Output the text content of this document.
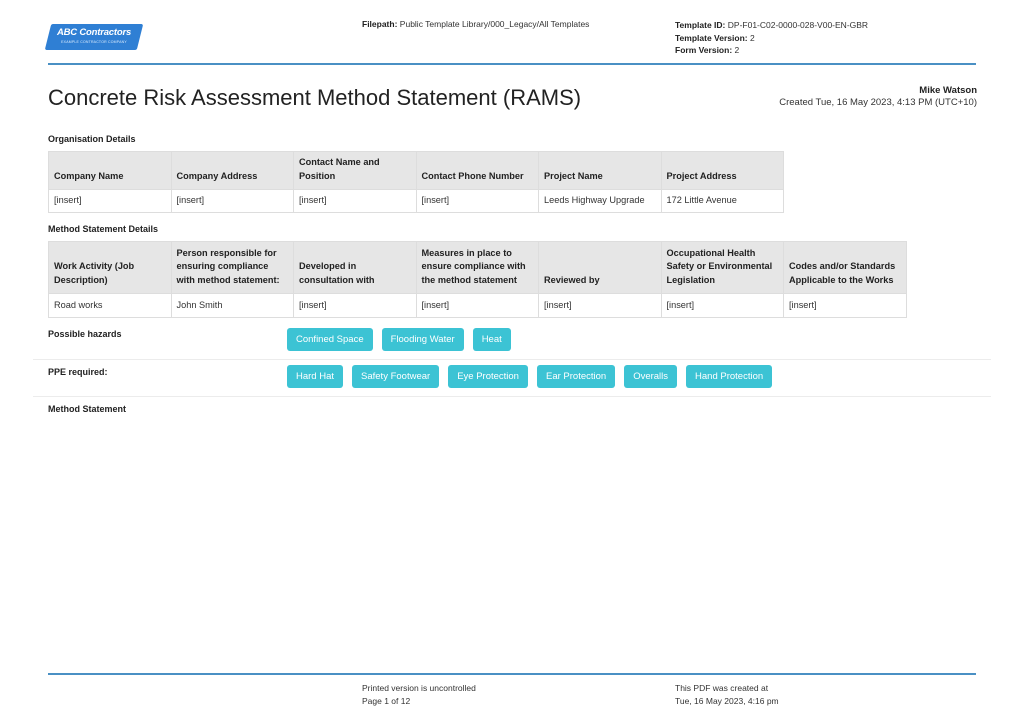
ABC Contractors
EXAMPLE CONTRACTOR COMPANY
Filepath: Public Template Library/000_Legacy/All Templates	Template ID: DP-F01-C02-0000-028-V00-EN-GBR
Template Version: 2
Form Version: 2
Concrete Risk Assessment Method Statement (RAMS)	Mike Watson
Created Tue, 16 May 2023, 4:13 PM (UTC+10)
Organisation Details
Company Name	Company Address	Contact Name and Position	Contact Phone Number	Project Name	Project Address
[insert]	[insert]	[insert]	[insert]	Leeds Highway Upgrade	172 Little Avenue
Method Statement Details
Work Activity (Job Description)	Person responsible for ensuring compliance with method statement:	Developed in consultation with	Measures in place to ensure compliance with the method statement	Reviewed by	Occupational Health Safety or Environmental Legislation	Codes and/or Standards Applicable to the Works
Road works	John Smith	[insert]	[insert]	[insert]	[insert]	[insert]
Possible hazards	Confined Space	Flooding Water	Heat
PPE required:	Hard Hat	Safety Footwear	Eye Protection	Ear Protection	Overalls	Hand Protection
Method Statement
Printed version is uncontrolled
Page 1 of 12
This PDF was created at
Tue, 16 May 2023, 4:16 pm
